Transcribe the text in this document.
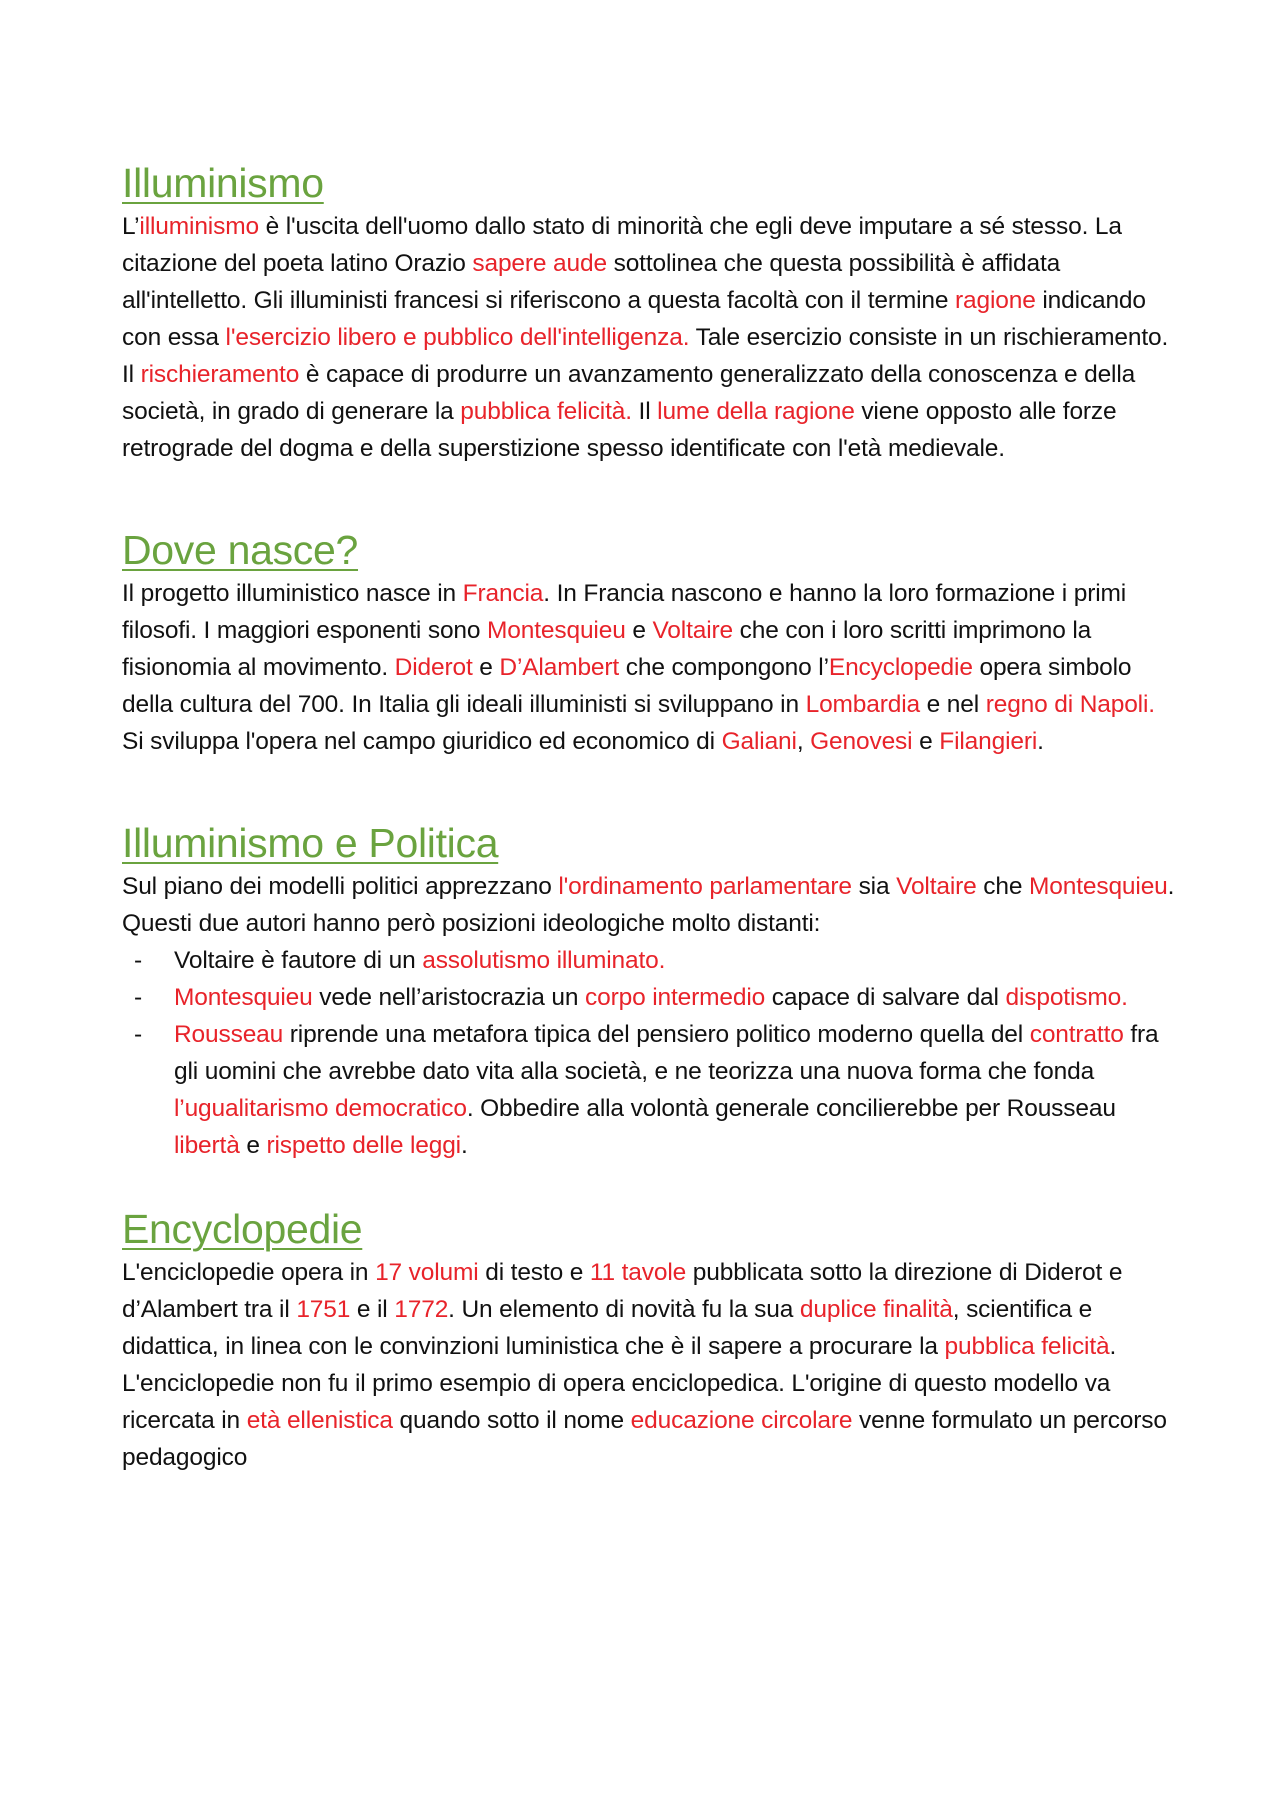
Illuminismo

L’illuminismo è l'uscita dell'uomo dallo stato di minorità che egli deve imputare a sé stesso. La citazione del poeta latino Orazio sapere aude sottolinea che questa possibilità è affidata all'intelletto. Gli illuministi francesi si riferiscono a questa facoltà con il termine ragione indicando con essa l'esercizio libero e pubblico dell'intelligenza. Tale esercizio consiste in un rischieramento. Il rischieramento è capace di produrre un avanzamento generalizzato della conoscenza e della società, in grado di generare la pubblica felicità. Il lume della ragione viene opposto alle forze retrograde del dogma e della superstizione spesso identificate con l'età medievale.

Dove nasce?

Il progetto illuministico nasce in Francia. In Francia nascono e hanno la loro formazione i primi filosofi. I maggiori esponenti sono Montesquieu e Voltaire che con i loro scritti imprimono la fisionomia al movimento. Diderot e D’Alambert che compongono l’Encyclopedie opera simbolo della cultura del 700. In Italia gli ideali illuministi si sviluppano in Lombardia e nel regno di Napoli. Si sviluppa l'opera nel campo giuridico ed economico di Galiani, Genovesi e Filangieri.

Illuminismo e Politica

Sul piano dei modelli politici apprezzano l'ordinamento parlamentare sia Voltaire che Montesquieu. Questi due autori hanno però posizioni ideologiche molto distanti:

- Voltaire è fautore di un assolutismo illuminato.
- Montesquieu vede nell’aristocrazia un corpo intermedio capace di salvare dal dispotismo.
- Rousseau riprende una metafora tipica del pensiero politico moderno quella del contratto fra gli uomini che avrebbe dato vita alla società, e ne teorizza una nuova forma che fonda l’ugualitarismo democratico. Obbedire alla volontà generale concilierebbe per Rousseau libertà e rispetto delle leggi.
Encyclopedie

L'enciclopedie opera in 17 volumi di testo e 11 tavole pubblicata sotto la direzione di Diderot e d’Alambert tra il 1751 e il 1772. Un elemento di novità fu la sua duplice finalità, scientifica e didattica, in linea con le convinzioni luministica che è il sapere a procurare la pubblica felicità. L'enciclopedie non fu il primo esempio di opera enciclopedica. L'origine di questo modello va ricercata in età ellenistica quando sotto il nome educazione circolare venne formulato un percorso pedagogico
